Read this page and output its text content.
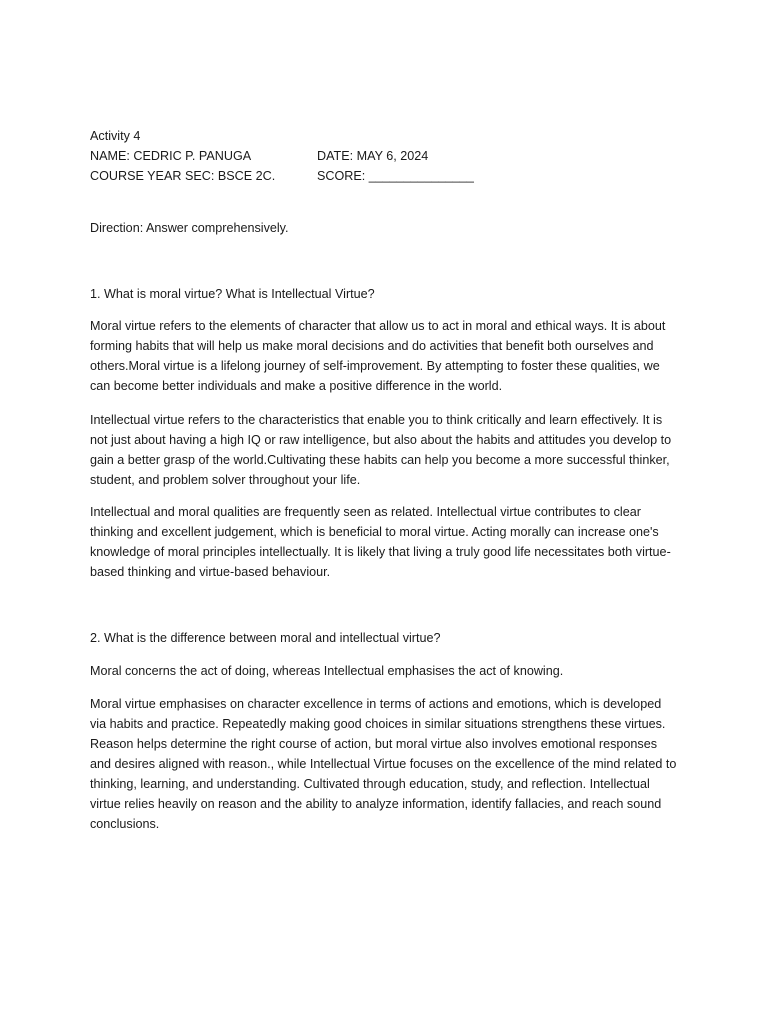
Activity 4
NAME: CEDRIC P. PANUGA	DATE: MAY 6, 2024
COURSE YEAR SEC: BSCE 2C.	SCORE: _______________
Direction: Answer comprehensively.

1. What is moral virtue? What is Intellectual Virtue?

Moral virtue refers to the elements of character that allow us to act in moral and ethical ways. It is about forming habits that will help us make moral decisions and do activities that benefit both ourselves and others.Moral virtue is a lifelong journey of self-improvement. By attempting to foster these qualities, we can become better individuals and make a positive difference in the world.

Intellectual virtue refers to the characteristics that enable you to think critically and learn effectively. It is not just about having a high IQ or raw intelligence, but also about the habits and attitudes you develop to gain a better grasp of the world.Cultivating these habits can help you become a more successful thinker, student, and problem solver throughout your life.

Intellectual and moral qualities are frequently seen as related. Intellectual virtue contributes to clear thinking and excellent judgement, which is beneficial to moral virtue. Acting morally can increase one's knowledge of moral principles intellectually. It is likely that living a truly good life necessitates both virtue-based thinking and virtue-based behaviour.

2. What is the difference between moral and intellectual virtue?

Moral concerns the act of doing, whereas Intellectual emphasises the act of knowing.

Moral virtue emphasises on character excellence in terms of actions and emotions, which is developed via habits and practice. Repeatedly making good choices in similar situations strengthens these virtues. Reason helps determine the right course of action, but moral virtue also involves emotional responses and desires aligned with reason., while Intellectual Virtue focuses on the excellence of the mind related to thinking, learning, and understanding. Cultivated through education, study, and reflection. Intellectual virtue relies heavily on reason and the ability to analyze information, identify fallacies, and reach sound conclusions.
